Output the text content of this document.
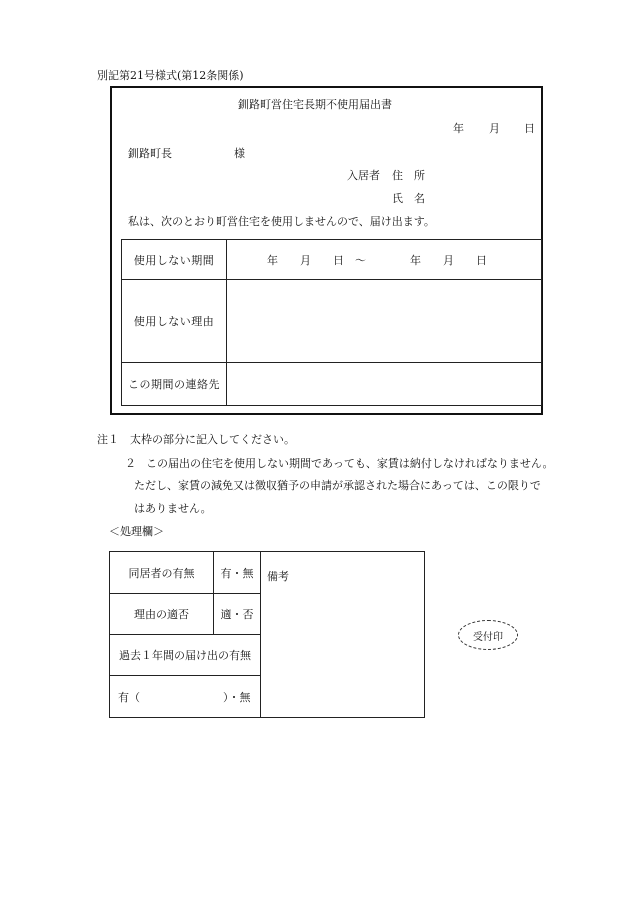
別記第21号様式(第12条関係)
釧路町営住宅長期不使用届出書
年 月 日
釧路町長	様
入居者 住　所
氏　名
私は、次のとおり町営住宅を使用しませんので、届け出ます。
使用しない期間	年　　月　　日　～　　　　年　　月　　日
使用しない理由	
この期間の連絡先	
注１　太枠の部分に記入してください。
２ この届出の住宅を使用しない期間であっても、家賃は納付しなければなりません。
ただし、家賃の減免又は徴収猶予の申請が承認された場合にあっては、この限りで
はありません。
＜処理欄＞
同居者の有無	有・無	備考
理由の適否	適・否	
過去１年間の届け出の有無		

有（ ）・無		
受付印
